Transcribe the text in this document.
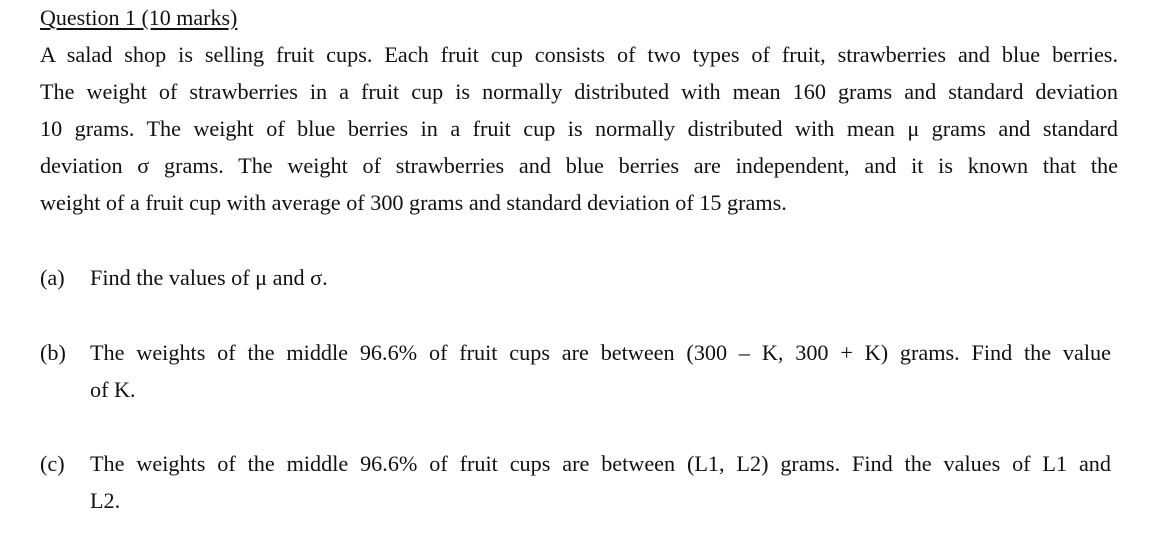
Question 1 (10 marks)
A salad shop is selling fruit cups. Each fruit cup consists of two types of fruit, strawberries and blue berries.
The weight of strawberries in a fruit cup is normally distributed with mean 160 grams and standard deviation
10 grams. The weight of blue berries in a fruit cup is normally distributed with mean μ grams and standard
deviation σ grams. The weight of strawberries and blue berries are independent, and it is known that the
weight of a fruit cup with average of 300 grams and standard deviation of 15 grams.
(a) Find the values of μ and σ.
(b) The weights of the middle 96.6% of fruit cups are between (300 – K, 300 + K) grams. Find the value
of K.
(c) The weights of the middle 96.6% of fruit cups are between (L1, L2) grams. Find the values of L1 and
L2.
